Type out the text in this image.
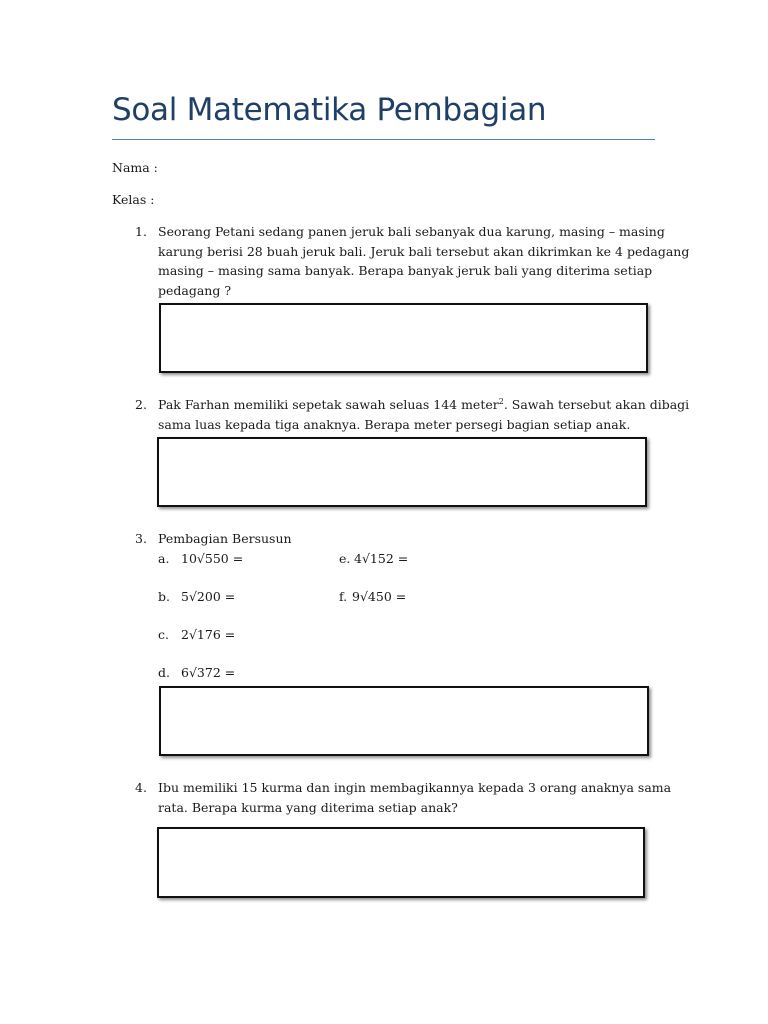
Soal Matematika Pembagian
Nama :
Kelas :
1. Seorang Petani sedang panen jeruk bali sebanyak dua karung, masing – masing
karung berisi 28 buah jeruk bali. Jeruk bali tersebut akan dikrimkan ke 4 pedagang
masing – masing sama banyak. Berapa banyak jeruk bali yang diterima setiap
pedagang ?
2. Pak Farhan memiliki sepetak sawah seluas 144 meter$^2$. Sawah tersebut akan dibagi
sama luas kepada tiga anaknya. Berapa meter persegi bagian setiap anak.
3. Pembagian Bersusun
a. 10√550 =
b. 5√200 =
c. 2√176 =
d. 6√372 =
e. 4√152 =
f. 9√450 =
4. Ibu memiliki 15 kurma dan ingin membagikannya kepada 3 orang anaknya sama
rata. Berapa kurma yang diterima setiap anak?
